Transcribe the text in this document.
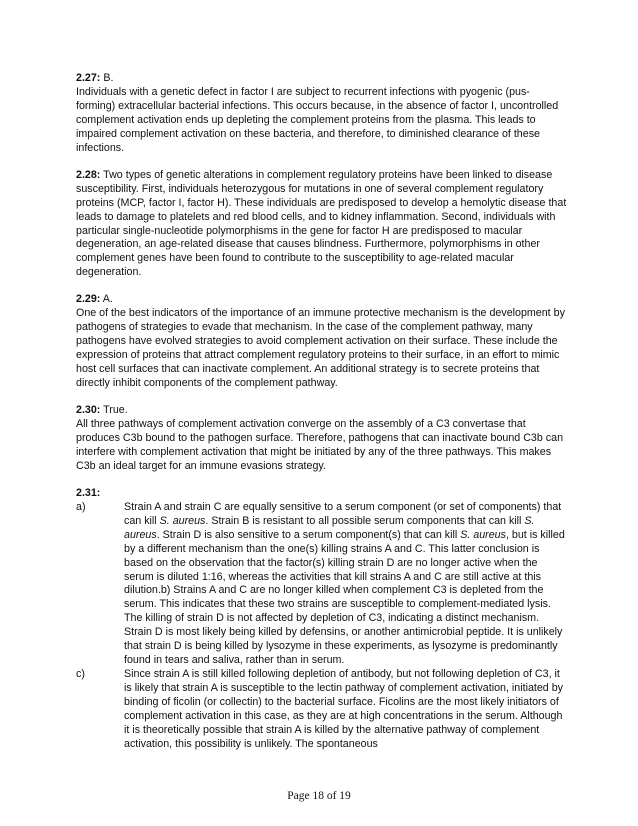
2.27: B.
Individuals with a genetic defect in factor I are subject to recurrent infections with pyogenic (pus-forming) extracellular bacterial infections. This occurs because, in the absence of factor I, uncontrolled complement activation ends up depleting the complement proteins from the plasma. This leads to impaired complement activation on these bacteria, and therefore, to diminished clearance of these infections.
2.28: Two types of genetic alterations in complement regulatory proteins have been linked to disease susceptibility. First, individuals heterozygous for mutations in one of several complement regulatory proteins (MCP, factor I, factor H). These individuals are predisposed to develop a hemolytic disease that leads to damage to platelets and red blood cells, and to kidney inflammation. Second, individuals with particular single-nucleotide polymorphisms in the gene for factor H are predisposed to macular degeneration, an age-related disease that causes blindness. Furthermore, polymorphisms in other complement genes have been found to contribute to the susceptibility to age-related macular degeneration.
2.29: A.
One of the best indicators of the importance of an immune protective mechanism is the development by pathogens of strategies to evade that mechanism. In the case of the complement pathway, many pathogens have evolved strategies to avoid complement activation on their surface. These include the expression of proteins that attract complement regulatory proteins to their surface, in an effort to mimic host cell surfaces that can inactivate complement. An additional strategy is to secrete proteins that directly inhibit components of the complement pathway.
2.30: True.
All three pathways of complement activation converge on the assembly of a C3 convertase that produces C3b bound to the pathogen surface. Therefore, pathogens that can inactivate bound C3b can interfere with complement activation that might be initiated by any of the three pathways. This makes C3b an ideal target for an immune evasions strategy.
2.31:
a)	Strain A and strain C are equally sensitive to a serum component (or set of components) that can kill S. aureus. Strain B is resistant to all possible serum components that can kill S. aureus. Strain D is also sensitive to a serum component(s) that can kill S. aureus, but is killed by a different mechanism than the one(s) killing strains A and C. This latter conclusion is based on the observation that the factor(s) killing strain D are no longer active when the serum is diluted 1:16, whereas the activities that kill strains A and C are still active at this dilution.b) Strains A and C are no longer killed when complement C3 is depleted from the serum. This indicates that these two strains are susceptible to complement-mediated lysis. The killing of strain D is not affected by depletion of C3, indicating a distinct mechanism. Strain D is most likely being killed by defensins, or another antimicrobial peptide. It is unlikely that strain D is being killed by lysozyme in these experiments, as lysozyme is predominantly found in tears and saliva, rather than in serum.
c)	Since strain A is still killed following depletion of antibody, but not following depletion of C3, it is likely that strain A is susceptible to the lectin pathway of complement activation, initiated by binding of ficolin (or collectin) to the bacterial surface. Ficolins are the most likely initiators of complement activation in this case, as they are at high concentrations in the serum. Although it is theoretically possible that strain A is killed by the alternative pathway of complement activation, this possibility is unlikely. The spontaneous
Page 18 of 19
